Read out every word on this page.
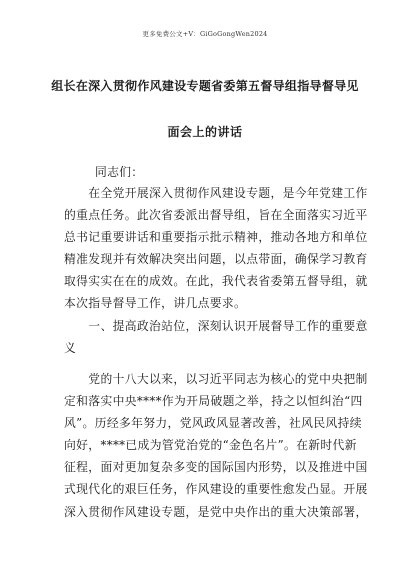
更多免费公文+V：GiGoGongWen2024
组长在深入贯彻作风建设专题省委第五督导组指导督导见
面会上的讲话
同志们：
　　在全党开展深入贯彻作风建设专题，是今年党建工作
的重点任务。此次省委派出督导组，旨在全面落实习近平
总书记重要讲话和重要指示批示精神，推动各地方和单位
精准发现并有效解决突出问题，以点带面，确保学习教育
取得实实在在的成效。在此，我代表省委第五督导组，就
本次指导督导工作，讲几点要求。
　　一、提高政治站位，深刻认识开展督导工作的重要意
义
　　党的十八大以来，以习近平同志为核心的党中央把制
定和落实中央****作为开局破题之举，持之以恒纠治“四
风”。历经多年努力，党风政风显著改善，社风民风持续
向好，****已成为管党治党的“金色名片”。在新时代新
征程，面对更加复杂多变的国际国内形势，以及推进中国
式现代化的艰巨任务，作风建设的重要性愈发凸显。开展
深入贯彻作风建设专题，是党中央作出的重大决策部署，
